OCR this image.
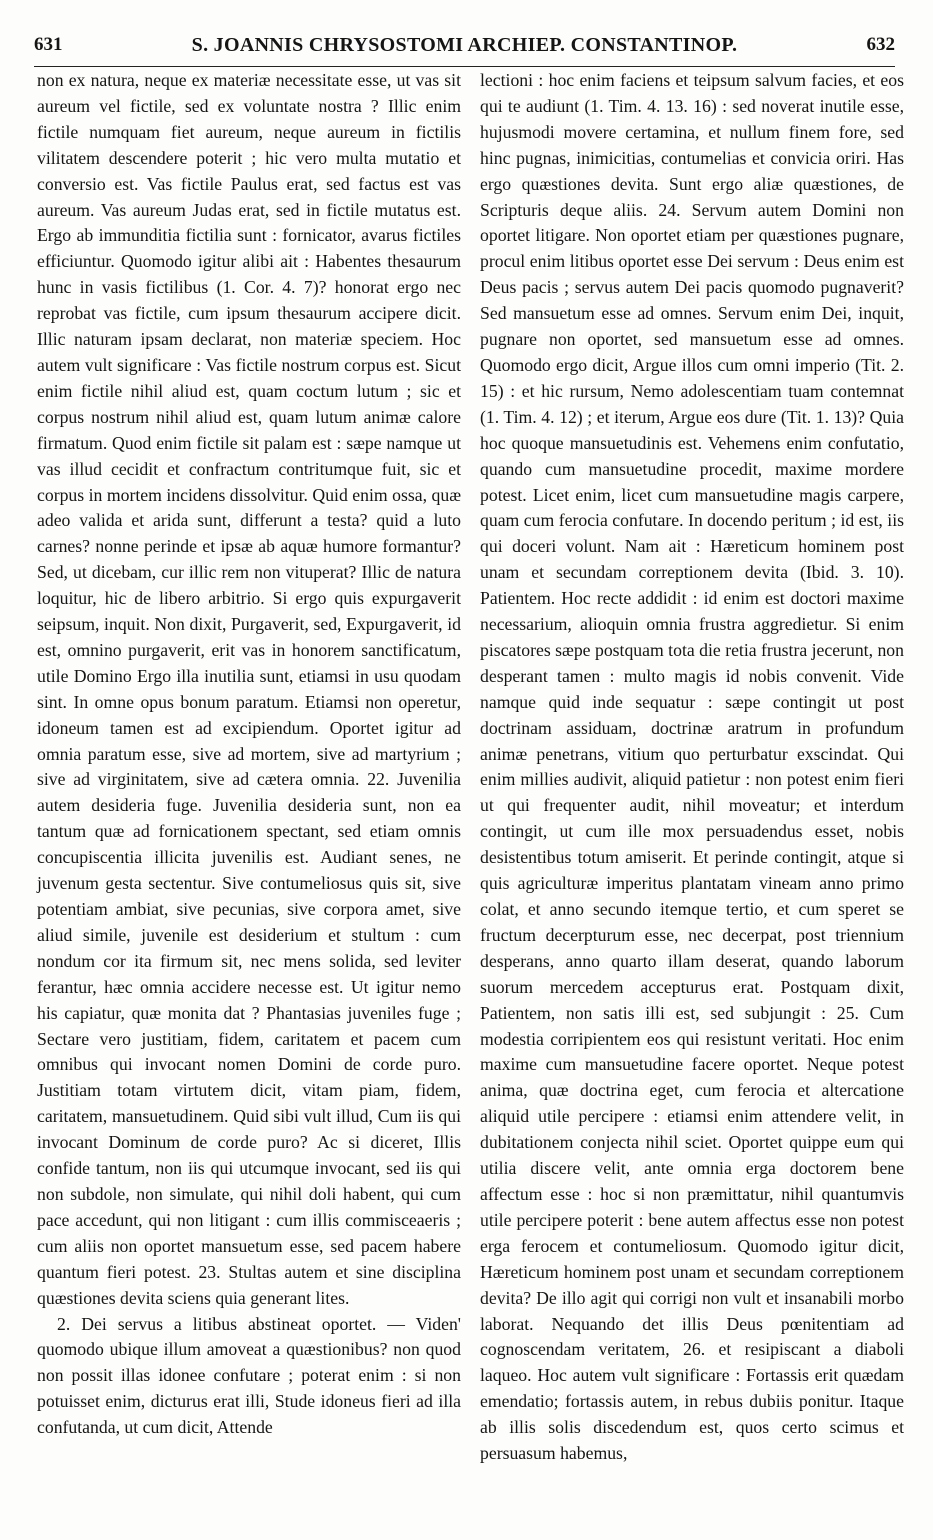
631	S. JOANNIS CHRYSOSTOMI ARCHIEP. CONSTANTINOP.	632

non ex natura, neque ex materiæ necessitate esse, ut vas sit aureum vel fictile, sed ex voluntate nostra ? Illic enim fictile numquam fiet aureum, neque aureum in fictilis vilitatem descendere poterit ; hic vero multa mutatio et conversio est. Vas fictile Paulus erat, sed factus est vas aureum. Vas aureum Judas erat, sed in fictile mutatus est. Ergo ab immunditia fictilia sunt : fornicator, avarus fictiles efficiuntur. Quomodo igitur alibi ait : Habentes thesaurum hunc in vasis fictilibus (1. Cor. 4. 7)? honorat ergo nec reprobat vas fictile, cum ipsum thesaurum accipere dicit. Illic naturam ipsam declarat, non materiæ speciem. Hoc autem vult significare : Vas fictile nostrum corpus est. Sicut enim fictile nihil aliud est, quam coctum lutum ; sic et corpus nostrum nihil aliud est, quam lutum animæ calore firmatum. Quod enim fictile sit palam est : sæpe namque ut vas illud cecidit et confractum contritumque fuit, sic et corpus in mortem incidens dissolvitur. Quid enim ossa, quæ adeo valida et arida sunt, differunt a testa? quid a luto carnes? nonne perinde et ipsæ ab aquæ humore formantur? Sed, ut dicebam, cur illic rem non vituperat? Illic de natura loquitur, hic de libero arbitrio. Si ergo quis expurgaverit seipsum, inquit. Non dixit, Purgaverit, sed, Expurgaverit, id est, omnino purgaverit, erit vas in honorem sanctificatum, utile Domino Ergo illa inutilia sunt, etiamsi in usu quodam sint. In omne opus bonum paratum. Etiamsi non operetur, idoneum tamen est ad excipiendum. Oportet igitur ad omnia paratum esse, sive ad mortem, sive ad martyrium ; sive ad virginitatem, sive ad cætera omnia. 22. Juvenilia autem desideria fuge. Juvenilia desideria sunt, non ea tantum quæ ad fornicationem spectant, sed etiam omnis concupiscentia illicita juvenilis est. Audiant senes, ne juvenum gesta sectentur. Sive contumeliosus quis sit, sive potentiam ambiat, sive pecunias, sive corpora amet, sive aliud simile, juvenile est desiderium et stultum : cum nondum cor ita firmum sit, nec mens solida, sed leviter ferantur, hæc omnia accidere necesse est. Ut igitur nemo his capiatur, quæ monita dat ? Phantasias juveniles fuge ; Sectare vero justitiam, fidem, caritatem et pacem cum omnibus qui invocant nomen Domini de corde puro. Justitiam totam virtutem dicit, vitam piam, fidem, caritatem, mansuetudinem. Quid sibi vult illud, Cum iis qui invocant Dominum de corde puro? Ac si diceret, Illis confide tantum, non iis qui utcumque invocant, sed iis qui non subdole, non simulate, qui nihil doli habent, qui cum pace accedunt, qui non litigant : cum illis commisceaeris ; cum aliis non oportet mansuetum esse, sed pacem habere quantum fieri potest. 23. Stultas autem et sine disciplina quæstiones devita sciens quia generant lites.

2. Dei servus a litibus abstineat oportet. — Viden' quomodo ubique illum amoveat a quæstionibus? non quod non possit illas idonee confutare ; poterat enim : si non potuisset enim, dicturus erat illi, Stude idoneus fieri ad illa confutanda, ut cum dicit, Attende

lectioni : hoc enim faciens et teipsum salvum facies, et eos qui te audiunt (1. Tim. 4. 13. 16) : sed noverat inutile esse, hujusmodi movere certamina, et nullum finem fore, sed hinc pugnas, inimicitias, contumelias et convicia oriri. Has ergo quæstiones devita. Sunt ergo aliæ quæstiones, de Scripturis deque aliis. 24. Servum autem Domini non oportet litigare. Non oportet etiam per quæstiones pugnare, procul enim litibus oportet esse Dei servum : Deus enim est Deus pacis ; servus autem Dei pacis quomodo pugnaverit? Sed mansuetum esse ad omnes. Servum enim Dei, inquit, pugnare non oportet, sed mansuetum esse ad omnes. Quomodo ergo dicit, Argue illos cum omni imperio (Tit. 2. 15) : et hic rursum, Nemo adolescentiam tuam contemnat (1. Tim. 4. 12) ; et iterum, Argue eos dure (Tit. 1. 13)? Quia hoc quoque mansuetudinis est. Vehemens enim confutatio, quando cum mansuetudine procedit, maxime mordere potest. Licet enim, licet cum mansuetudine magis carpere, quam cum ferocia confutare. In docendo peritum ; id est, iis qui doceri volunt. Nam ait : Hæreticum hominem post unam et secundam correptionem devita (Ibid. 3. 10). Patientem. Hoc recte addidit : id enim est doctori maxime necessarium, alioquin omnia frustra aggredietur. Si enim piscatores sæpe postquam tota die retia frustra jecerunt, non desperant tamen : multo magis id nobis convenit. Vide namque quid inde sequatur : sæpe contingit ut post doctrinam assiduam, doctrinæ aratrum in profundum animæ penetrans, vitium quo perturbatur exscindat. Qui enim millies audivit, aliquid patietur : non potest enim fieri ut qui frequenter audit, nihil moveatur; et interdum contingit, ut cum ille mox persuadendus esset, nobis desistentibus totum amiserit. Et perinde contingit, atque si quis agriculturæ imperitus plantatam vineam anno primo colat, et anno secundo itemque tertio, et cum speret se fructum decerpturum esse, nec decerpat, post triennium desperans, anno quarto illam deserat, quando laborum suorum mercedem accepturus erat. Postquam dixit, Patientem, non satis illi est, sed subjungit : 25. Cum modestia corripientem eos qui resistunt veritati. Hoc enim maxime cum mansuetudine facere oportet. Neque potest anima, quæ doctrina eget, cum ferocia et altercatione aliquid utile percipere : etiamsi enim attendere velit, in dubitationem conjecta nihil sciet. Oportet quippe eum qui utilia discere velit, ante omnia erga doctorem bene affectum esse : hoc si non præmittatur, nihil quantumvis utile percipere poterit : bene autem affectus esse non potest erga ferocem et contumeliosum. Quomodo igitur dicit, Hæreticum hominem post unam et secundam correptionem devita? De illo agit qui corrigi non vult et insanabili morbo laborat. Nequando det illis Deus pœnitentiam ad cognoscendam veritatem, 26. et resipiscant a diaboli laqueo. Hoc autem vult significare : Fortassis erit quædam emendatio; fortassis autem, in rebus dubiis ponitur. Itaque ab illis solis discedendum est, quos certo scimus et persuasum habemus,
